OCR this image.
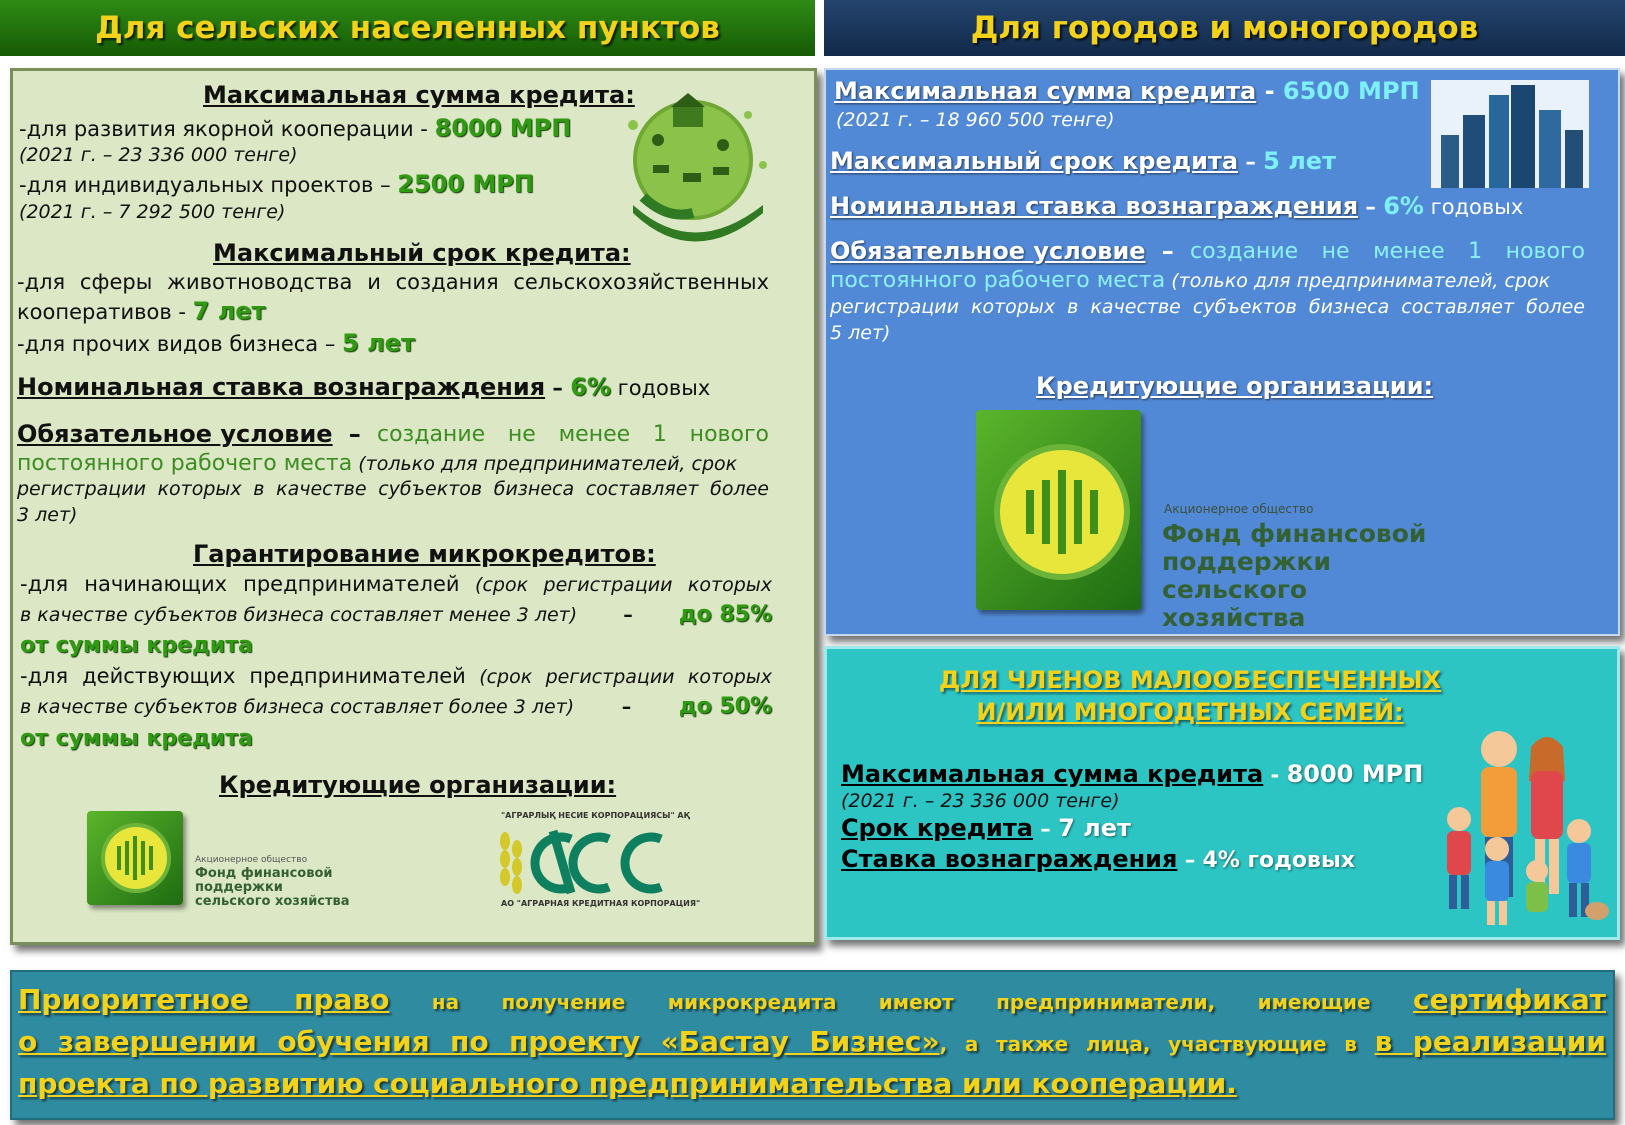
Для сельских населенных пунктов	Для городов и моногородов
Максимальная сумма кредита:
-для развития якорной кооперации - 8000 МРП
(2021 г. – 23 336 000 тенге)
-для индивидуальных проектов – 2500 МРП
(2021 г. – 7 292 500 тенге)
Максимальный срок кредита:
-для сферы животноводства и создания сельскохозяйственных
кооперативов - 7 лет
-для прочих видов бизнеса – 5 лет
Номинальная ставка вознаграждения – 6% годовых
Обязательное условие – создание не менее 1 нового
постоянного рабочего места (только для предпринимателей, срок
регистрации которых в качестве субъектов бизнеса составляет более
3 лет)
Гарантирование микрокредитов:
-для начинающих предпринимателей (срок регистрации которых
в качестве субъектов бизнеса составляет менее 3 лет) – до 85%
от суммы кредита
-для действующих предпринимателей (срок регистрации которых
в качестве субъектов бизнеса составляет более 3 лет)	– до 50%
от суммы кредита
Кредитующие организации:
Акционерное общество
Фонд финансовой
поддержки
сельского хозяйства
"АГРАРЛЫҚ НЕСИЕ КОРПОРАЦИЯСЫ" АҚ
АО "АГРАРНАЯ КРЕДИТНАЯ КОРПОРАЦИЯ"
Максимальная сумма кредита - 6500 МРП
(2021 г. – 18 960 500 тенге)
Максимальный срок кредита – 5 лет
Номинальная ставка вознаграждения – 6% годовых
Обязательное условие – создание не менее 1 нового
постоянного рабочего места (только для предпринимателей, срок
регистрации которых в качестве субъектов бизнеса составляет более
5 лет)
Кредитующие организации:
Акционерное общество
Фонд финансовой
поддержки
сельского хозяйства
ДЛЯ ЧЛЕНОВ МАЛООБЕСПЕЧЕННЫХ
И/ИЛИ МНОГОДЕТНЫХ СЕМЕЙ:
Максимальная сумма кредита - 8000 МРП
(2021 г. – 23 336 000 тенге)
Срок кредита – 7 лет
Ставка вознаграждения – 4% годовых
Приоритетное право на получение микрокредита имеют предприниматели, имеющие сертификат
о завершении обучения по проекту «Бастау Бизнес», а также лица, участвующие в в реализации
проекта по развитию социального предпринимательства или кооперации.
